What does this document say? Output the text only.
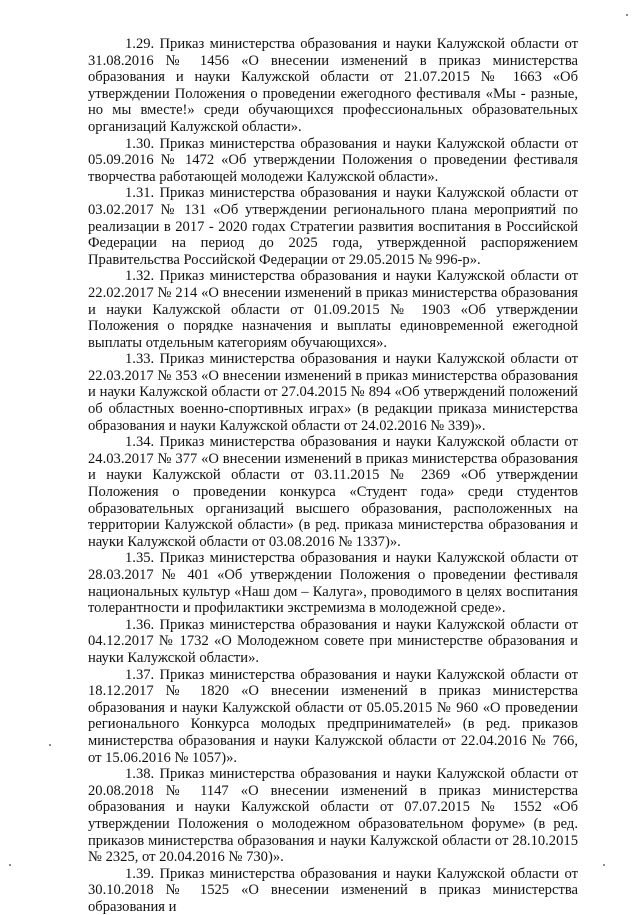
1.29. Приказ министерства образования и науки Калужской области от 31.08.2016 № 1456 «О внесении изменений в приказ министерства образования и науки Калужской области от 21.07.2015 № 1663 «Об утверждении Положения о проведении ежегодного фестиваля «Мы - разные, но мы вместе!» среди обучающихся профессиональных образовательных организаций Калужской области».

1.30. Приказ министерства образования и науки Калужской области от 05.09.2016 № 1472 «Об утверждении Положения о проведении фестиваля творчества работающей молодежи Калужской области».

1.31. Приказ министерства образования и науки Калужской области от 03.02.2017 № 131 «Об утверждении регионального плана мероприятий по реализации в 2017 - 2020 годах Стратегии развития воспитания в Российской Федерации на период до 2025 года, утвержденной распоряжением Правительства Российской Федерации от 29.05.2015 № 996-р».

1.32. Приказ министерства образования и науки Калужской области от 22.02.2017 № 214 «О внесении изменений в приказ министерства образования и науки Калужской области от 01.09.2015 № 1903 «Об утверждении Положения о порядке назначения и выплаты единовременной ежегодной выплаты отдельным категориям обучающихся».

1.33. Приказ министерства образования и науки Калужской области от 22.03.2017 № 353 «О внесении изменений в приказ министерства образования и науки Калужской области от 27.04.2015 № 894 «Об утверждений положений об областных военно-спортивных играх» (в редакции приказа министерства образования и науки Калужской области от 24.02.2016 № 339)».

1.34. Приказ министерства образования и науки Калужской области от 24.03.2017 № 377 «О внесении изменений в приказ министерства образования и науки Калужской области от 03.11.2015 № 2369 «Об утверждении Положения о проведении конкурса «Студент года» среди студентов образовательных организаций высшего образования, расположенных на территории Калужской области» (в ред. приказа министерства образования и науки Калужской области от 03.08.2016 № 1337)».

1.35. Приказ министерства образования и науки Калужской области от 28.03.2017 № 401 «Об утверждении Положения о проведении фестиваля национальных культур «Наш дом – Калуга», проводимого в целях воспитания толерантности и профилактики экстремизма в молодежной среде».

1.36. Приказ министерства образования и науки Калужской области от 04.12.2017 № 1732 «О Молодежном совете при министерстве образования и науки Калужской области».

1.37. Приказ министерства образования и науки Калужской области от 18.12.2017 № 1820 «О внесении изменений в приказ министерства образования и науки Калужской области от 05.05.2015 № 960 «О проведении регионального Конкурса молодых предпринимателей» (в ред. приказов министерства образования и науки Калужской области от 22.04.2016 № 766, от 15.06.2016 № 1057)».

1.38. Приказ министерства образования и науки Калужской области от 20.08.2018 № 1147 «О внесении изменений в приказ министерства образования и науки Калужской области от 07.07.2015 № 1552 «Об утверждении Положения о молодежном образовательном форуме» (в ред. приказов министерства образования и науки Калужской области от 28.10.2015 № 2325, от 20.04.2016 № 730)».

1.39. Приказ министерства образования и науки Калужской области от 30.10.2018 № 1525 «О внесении изменений в приказ министерства образования и
